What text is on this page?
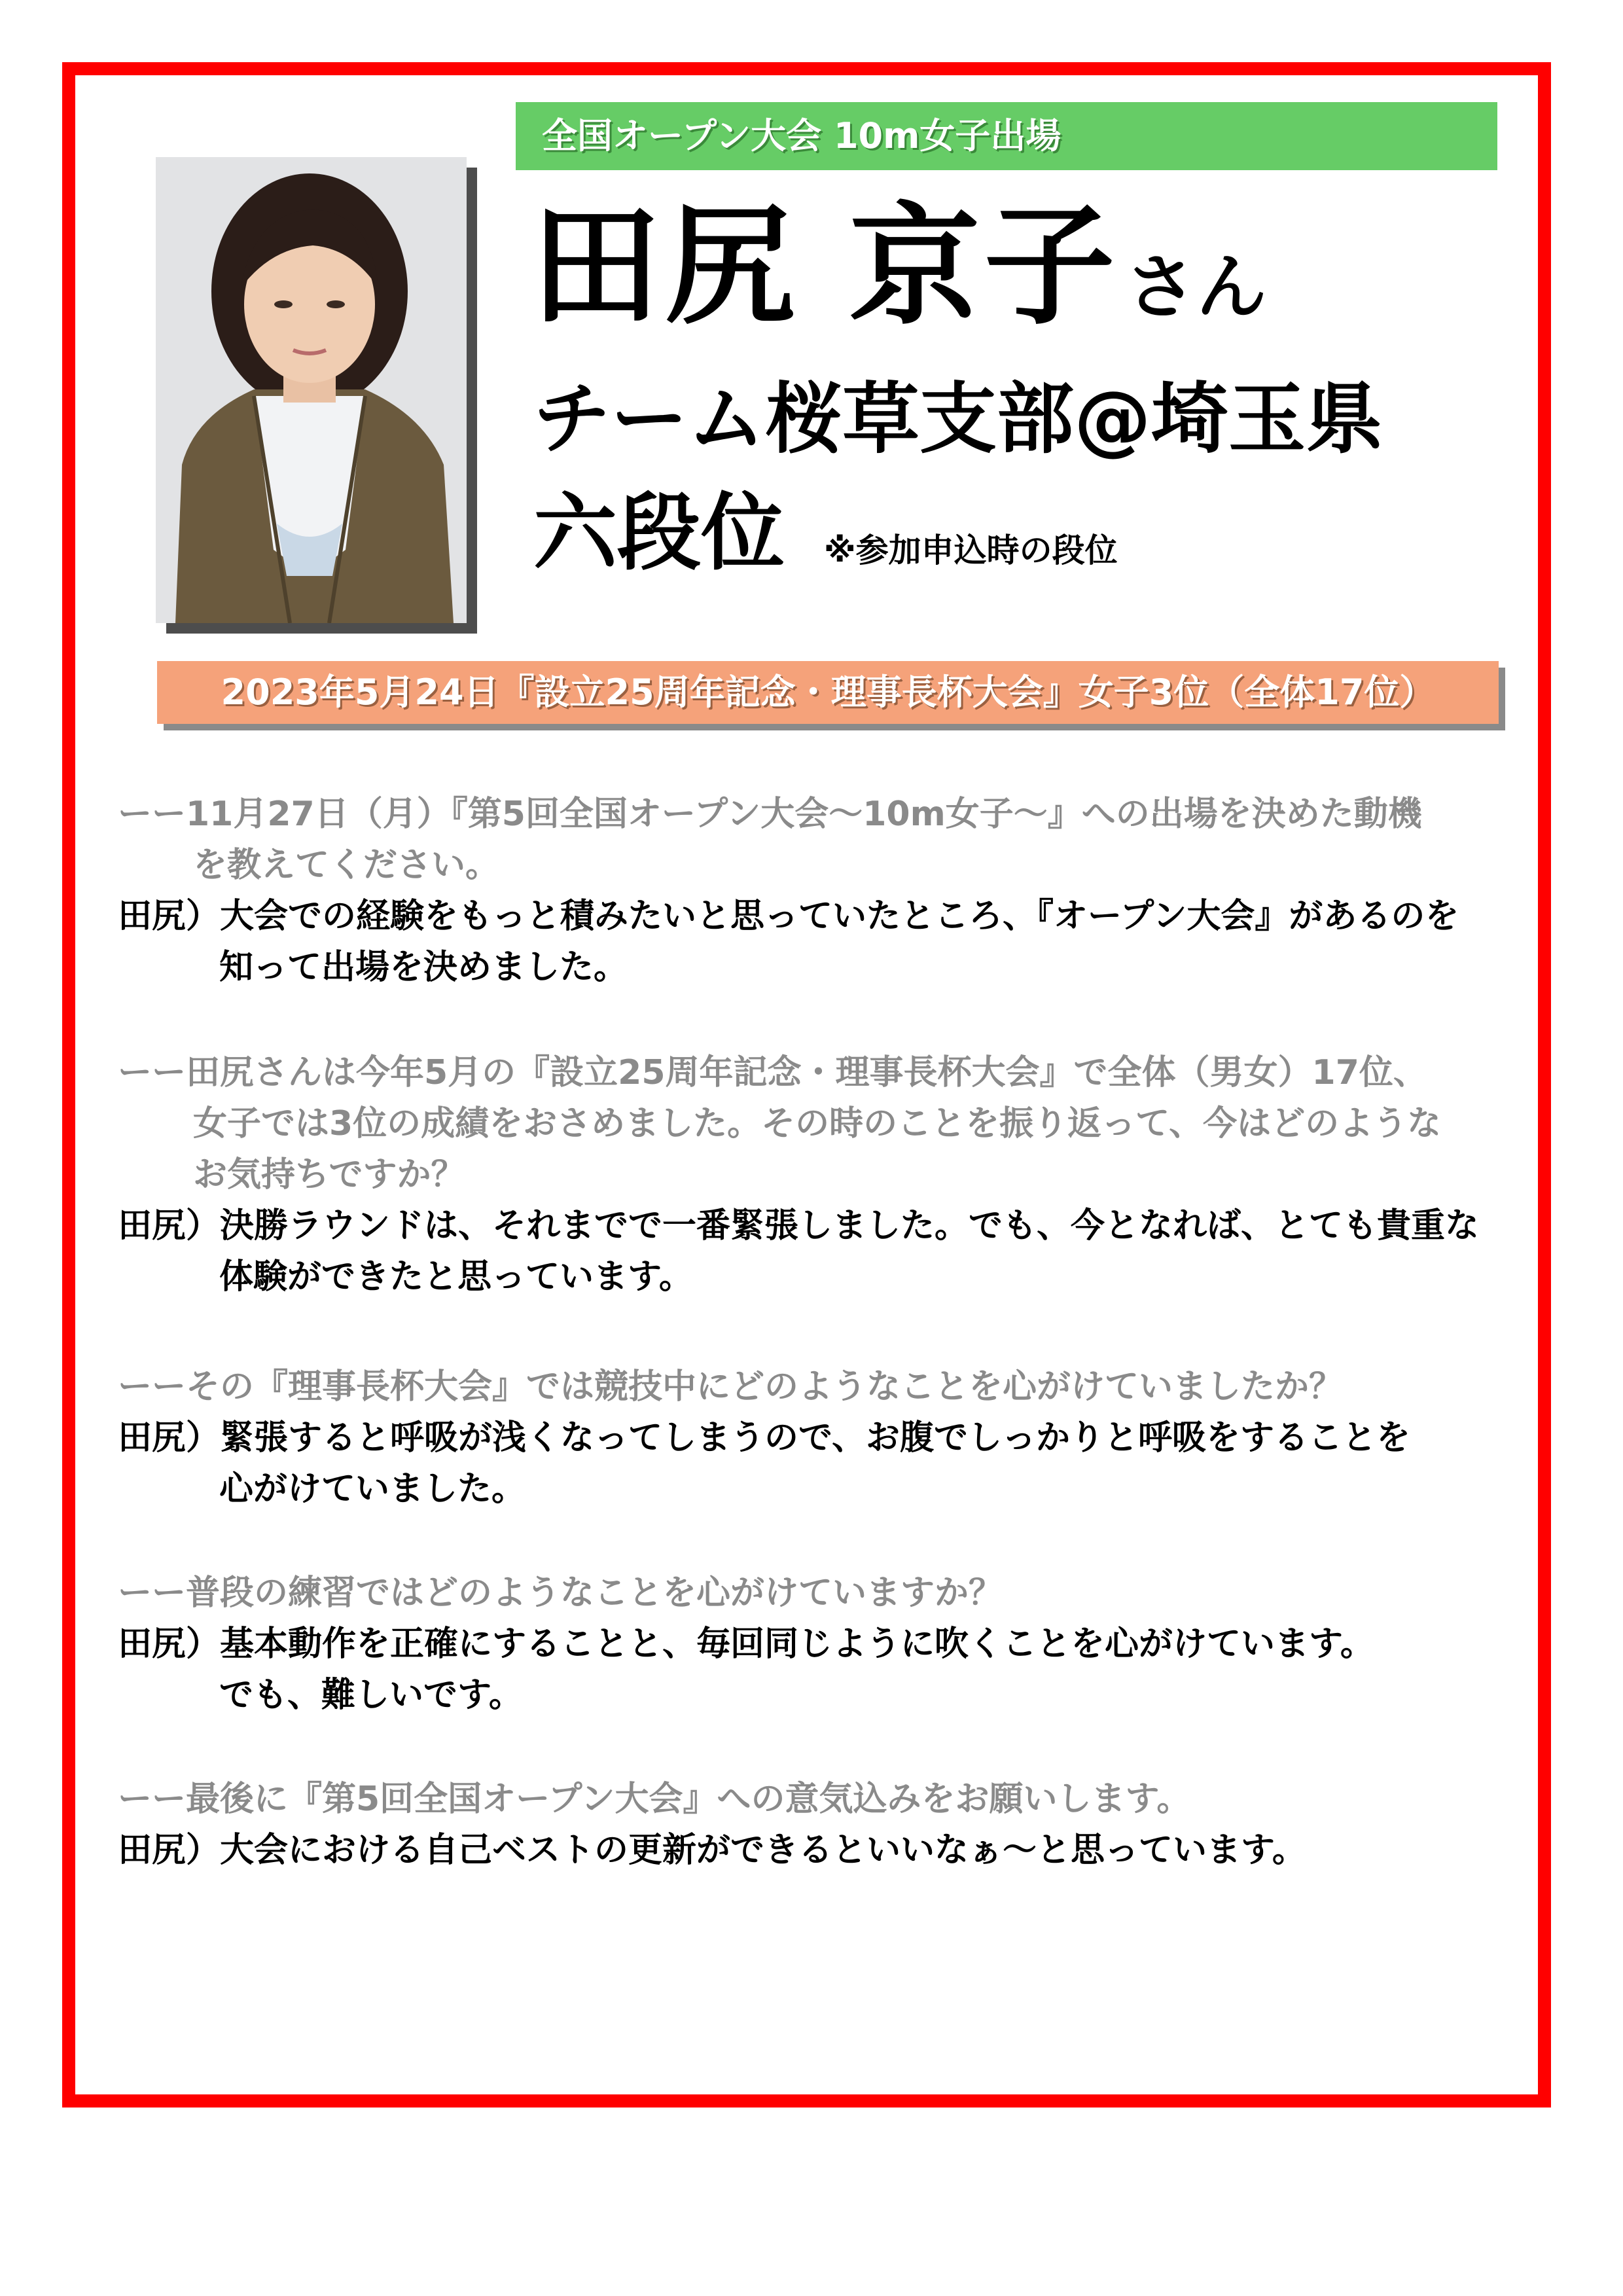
全国オープン大会 10m女子出場
田尻 京子さん
チーム桜草支部@埼玉県
六段位 ※参加申込時の段位
2023年5月24日『設立25周年記念・理事長杯大会』女子3位（全体17位）
ーー11月27日（月）『第5回全国オープン大会〜10m女子〜』への出場を決めた動機
を教えてください。
田尻）大会での経験をもっと積みたいと思っていたところ、『オープン大会』があるのを
知って出場を決めました。
ーー田尻さんは今年5月の『設立25周年記念・理事長杯大会』で全体（男女）17位、
女子では3位の成績をおさめました。その時のことを振り返って、今はどのような
お気持ちですか？
田尻）決勝ラウンドは、それまでで一番緊張しました。でも、今となれば、とても貴重な
体験ができたと思っています。
ーーその『理事長杯大会』では競技中にどのようなことを心がけていましたか？
田尻）緊張すると呼吸が浅くなってしまうので、お腹でしっかりと呼吸をすることを
心がけていました。
ーー普段の練習ではどのようなことを心がけていますか？
田尻）基本動作を正確にすることと、毎回同じように吹くことを心がけています。
でも、難しいです。
ーー最後に『第5回全国オープン大会』への意気込みをお願いします。
田尻）大会における自己ベストの更新ができるといいなぁ〜と思っています。
